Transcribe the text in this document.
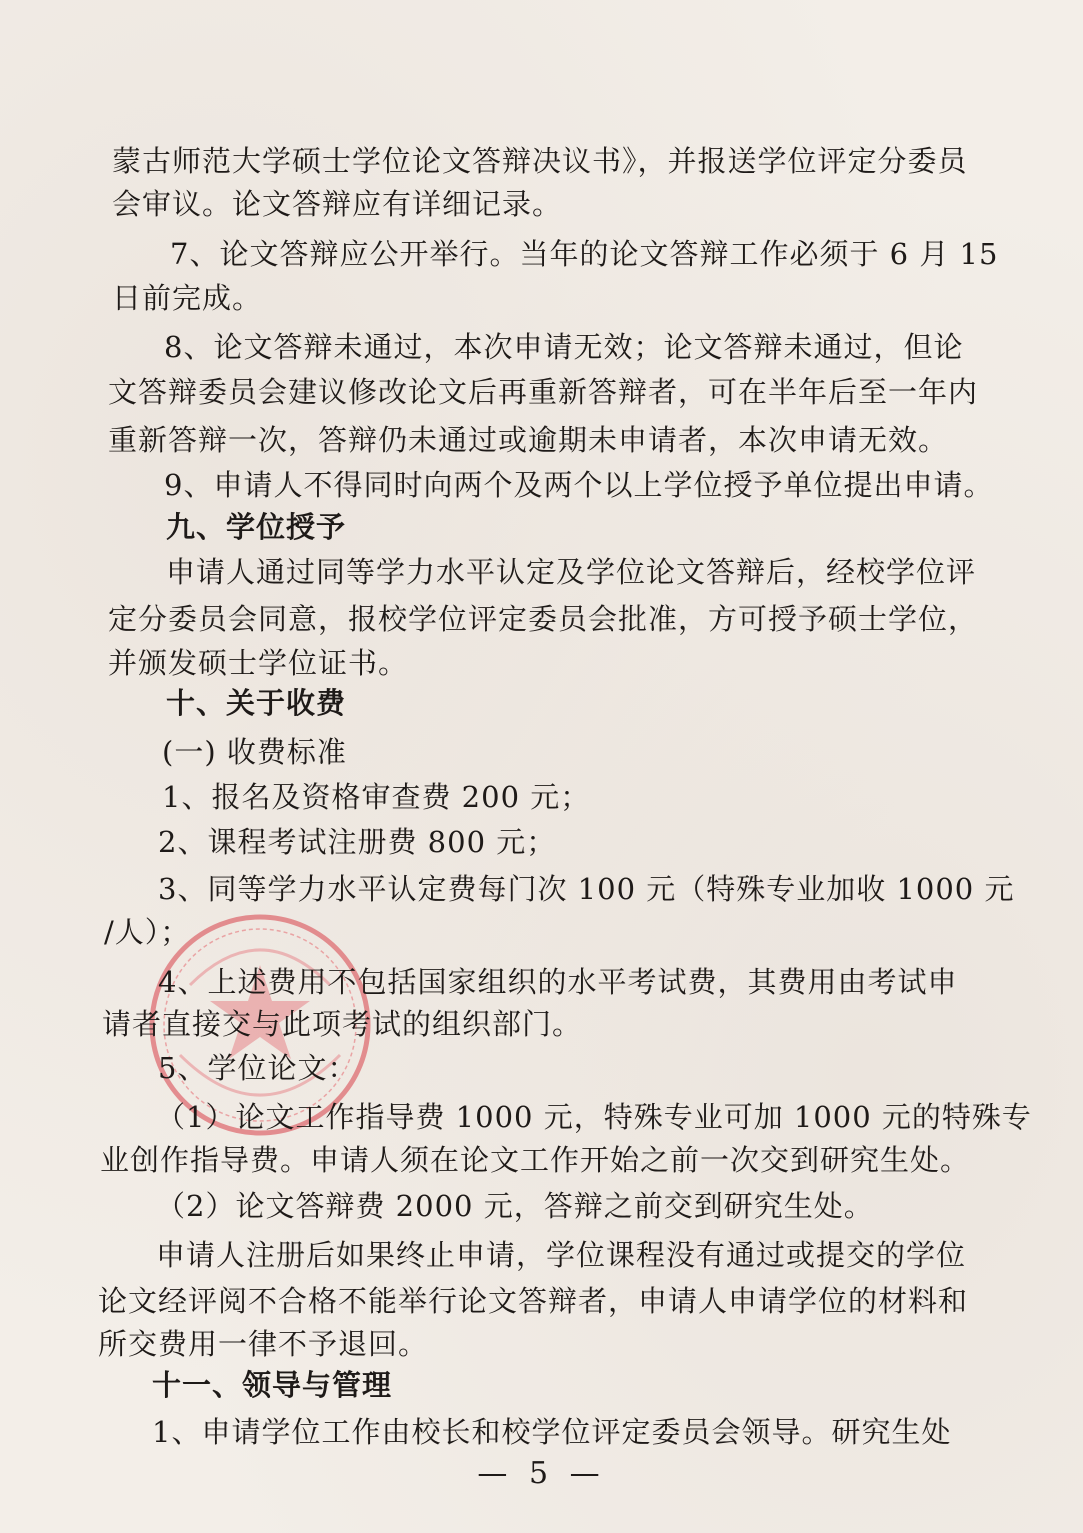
蒙古师范大学硕士学位论文答辩决议书》，并报送学位评定分委员
会审议。论文答辩应有详细记录。
7、论文答辩应公开举行。当年的论文答辩工作必须于 6 月 15
日前完成。
8、论文答辩未通过，本次申请无效；论文答辩未通过，但论
文答辩委员会建议修改论文后再重新答辩者，可在半年后至一年内
重新答辩一次，答辩仍未通过或逾期未申请者，本次申请无效。
9、申请人不得同时向两个及两个以上学位授予单位提出申请。
九、学位授予
申请人通过同等学力水平认定及学位论文答辩后，经校学位评
定分委员会同意，报校学位评定委员会批准，方可授予硕士学位，
并颁发硕士学位证书。
十、关于收费
(一) 收费标准
1、报名及资格审查费 200 元；
2、课程考试注册费 800 元；
3、同等学力水平认定费每门次 100 元（特殊专业加收 1000 元
/人）；
4、上述费用不包括国家组织的水平考试费，其费用由考试申
请者直接交与此项考试的组织部门。
5、学位论文：
（1）论文工作指导费 1000 元，特殊专业可加 1000 元的特殊专
业创作指导费。申请人须在论文工作开始之前一次交到研究生处。
（2）论文答辩费 2000 元，答辩之前交到研究生处。
申请人注册后如果终止申请，学位课程没有通过或提交的学位
论文经评阅不合格不能举行论文答辩者，申请人申请学位的材料和
所交费用一律不予退回。
十一、领导与管理
1、申请学位工作由校长和校学位评定委员会领导。研究生处
— 5 —
